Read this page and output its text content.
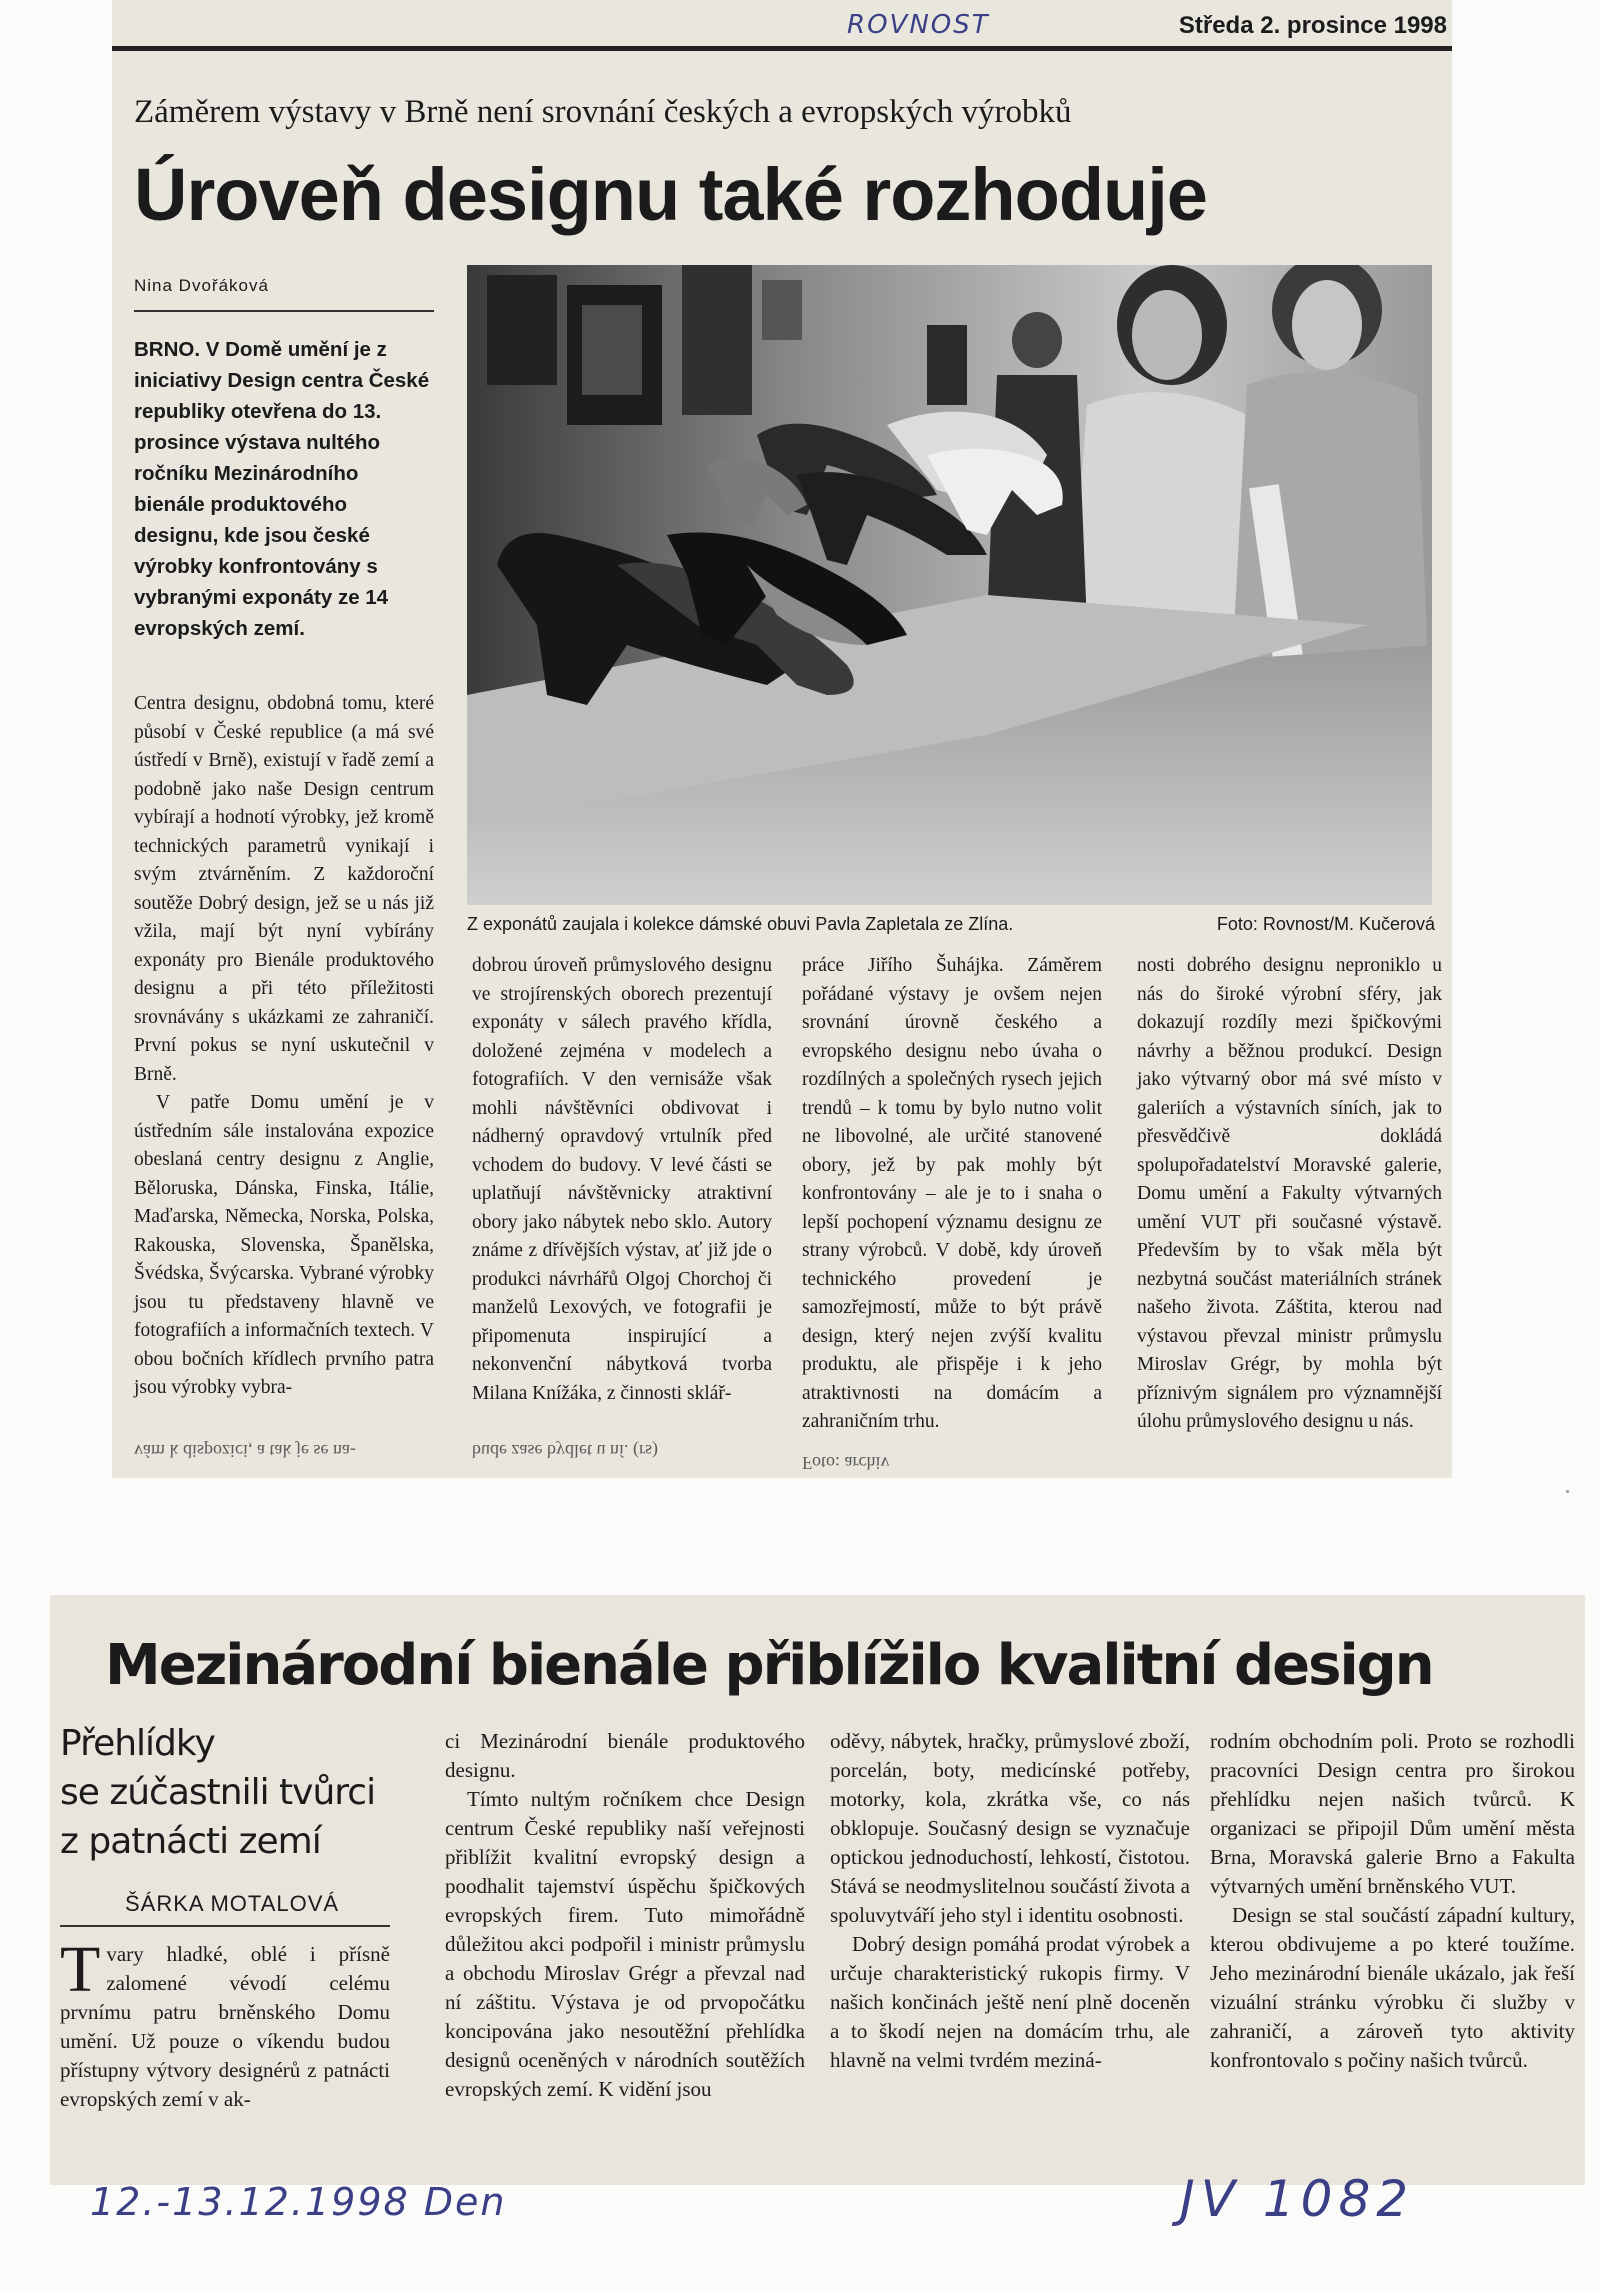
ROVNOST	Středa 2. prosince 1998
Záměrem výstavy v Brně není srovnání českých a evropských výrobků
Úroveň designu také rozhoduje
Nina Dvořáková
BRNO. V Domě umění je z iniciativy Design centra České republiky otevřena do 13. prosince výstava nultého ročníku Mezinárodního bienále produktového designu, kde jsou české výrobky konfrontovány s vybranými exponáty ze 14 evropských zemí.

Centra designu, obdobná tomu, které působí v České republice (a má své ústředí v Brně), existují v řadě zemí a podobně jako naše Design centrum vybírají a hodnotí výrobky, jež kromě technických parametrů vynikají i svým ztvárněním. Z každoroční soutěže Dobrý design, jež se u nás již vžila, mají být nyní vybírány exponáty pro Bienále produktového designu a při této příležitosti srovnávány s ukázkami ze zahraničí. První pokus se nyní uskutečnil v Brně.

V patře Domu umění je v ústředním sále instalována expozice obeslaná centry designu z Anglie, Běloruska, Dánska, Finska, Itálie, Maďarska, Německa, Norska, Polska, Rakouska, Slovenska, Španělska, Švédska, Švýcarska. Vybrané výrobky jsou tu představeny hlavně ve fotografiích a informačních textech. V obou bočních křídlech prvního patra jsou výrobky vybra-

vám k dispozici, a tak je se na-
Z exponátů zaujala i kolekce dámské obuvi Pavla Zapletala ze Zlína.	Foto: Rovnost/M. Kučerová

dobrou úroveň průmyslového designu ve strojírenských oborech prezentují exponáty v sálech pravého křídla, doložené zejména v modelech a fotografiích. V den vernisáže však mohli návštěvníci obdivovat i nádherný opravdový vrtulník před vchodem do budovy. V levé části se uplatňují návštěvnicky atraktivní obory jako nábytek nebo sklo. Autory známe z dřívějších výstav, ať již jde o produkci návrhářů Olgoj Chorchoj či manželů Lexových, ve fotografii je připomenuta inspirující a nekonvenční nábytková tvorba Milana Knížáka, z činnosti sklář-

bude zase bydlet u ní. (rs)

práce Jiřího Šuhájka. Záměrem pořádané výstavy je ovšem nejen srovnání úrovně českého a evropského designu nebo úvaha o rozdílných a společných rysech jejich trendů – k tomu by bylo nutno volit ne libovolné, ale určité stanovené obory, jež by pak mohly být konfrontovány – ale je to i snaha o lepší pochopení významu designu ze strany výrobců. V době, kdy úroveň technického provedení je samozřejmostí, může to být právě design, který nejen zvýší kvalitu produktu, ale přispěje i k jeho atraktivnosti na domácím a zahraničním trhu.

Foto: archiv

nosti dobrého designu neproniklo u nás do široké výrobní sféry, jak dokazují rozdíly mezi špičkovými návrhy a běžnou produkcí. Design jako výtvarný obor má své místo v galeriích a výstavních síních, jak to přesvědčivě dokládá spolupořadatelství Moravské galerie, Domu umění a Fakulty výtvarných umění VUT při současné výstavě. Především by to však měla být nezbytná součást materiálních stránek našeho života. Záštita, kterou nad výstavou převzal ministr průmyslu Miroslav Grégr, by mohla být příznivým signálem pro významnější úlohu průmyslového designu u nás.

Mezinárodní bienále přiblížilo kvalitní design
Přehlídky
se zúčastnili tvůrci
z patnácti zemí
ŠÁRKA MOTALOVÁ
Tvary hladké, oblé i přísně zalomené vévodí celému prvnímu patru brněnského Domu umění. Už pouze o víkendu budou přístupny výtvory designérů z patnácti evropských zemí v ak-

ci Mezinárodní bienále produktového designu.

Tímto nultým ročníkem chce Design centrum České republiky naší veřejnosti přiblížit kvalitní evropský design a poodhalit tajemství úspěchu špičkových evropských firem. Tuto mimořádně důležitou akci podpořil i ministr průmyslu a obchodu Miroslav Grégr a převzal nad ní záštitu. Výstava je od prvopočátku koncipována jako nesoutěžní přehlídka designů oceněných v národních soutěžích evropských zemí. K vidění jsou

oděvy, nábytek, hračky, průmyslové zboží, porcelán, boty, medicínské potřeby, motorky, kola, zkrátka vše, co nás obklopuje. Současný design se vyznačuje optickou jednoduchostí, lehkostí, čistotou. Stává se neodmyslitelnou součástí života a spoluvytváří jeho styl i identitu osobnosti.

Dobrý design pomáhá prodat výrobek a určuje charakteristický rukopis firmy. V našich končinách ještě není plně doceněn a to škodí nejen na domácím trhu, ale hlavně na velmi tvrdém meziná-

rodním obchodním poli. Proto se rozhodli pracovníci Design centra pro širokou přehlídku nejen našich tvůrců. K organizaci se připojil Dům umění města Brna, Moravská galerie Brno a Fakulta výtvarných umění brněnského VUT.

Design se stal součástí západní kultury, kterou obdivujeme a po které toužíme. Jeho mezinárodní bienále ukázalo, jak řeší vizuální stránku výrobku či služby v zahraničí, a zároveň tyto aktivity konfrontovalo s počiny našich tvůrců.

12.-13.12.1998 Den	JV 1082
